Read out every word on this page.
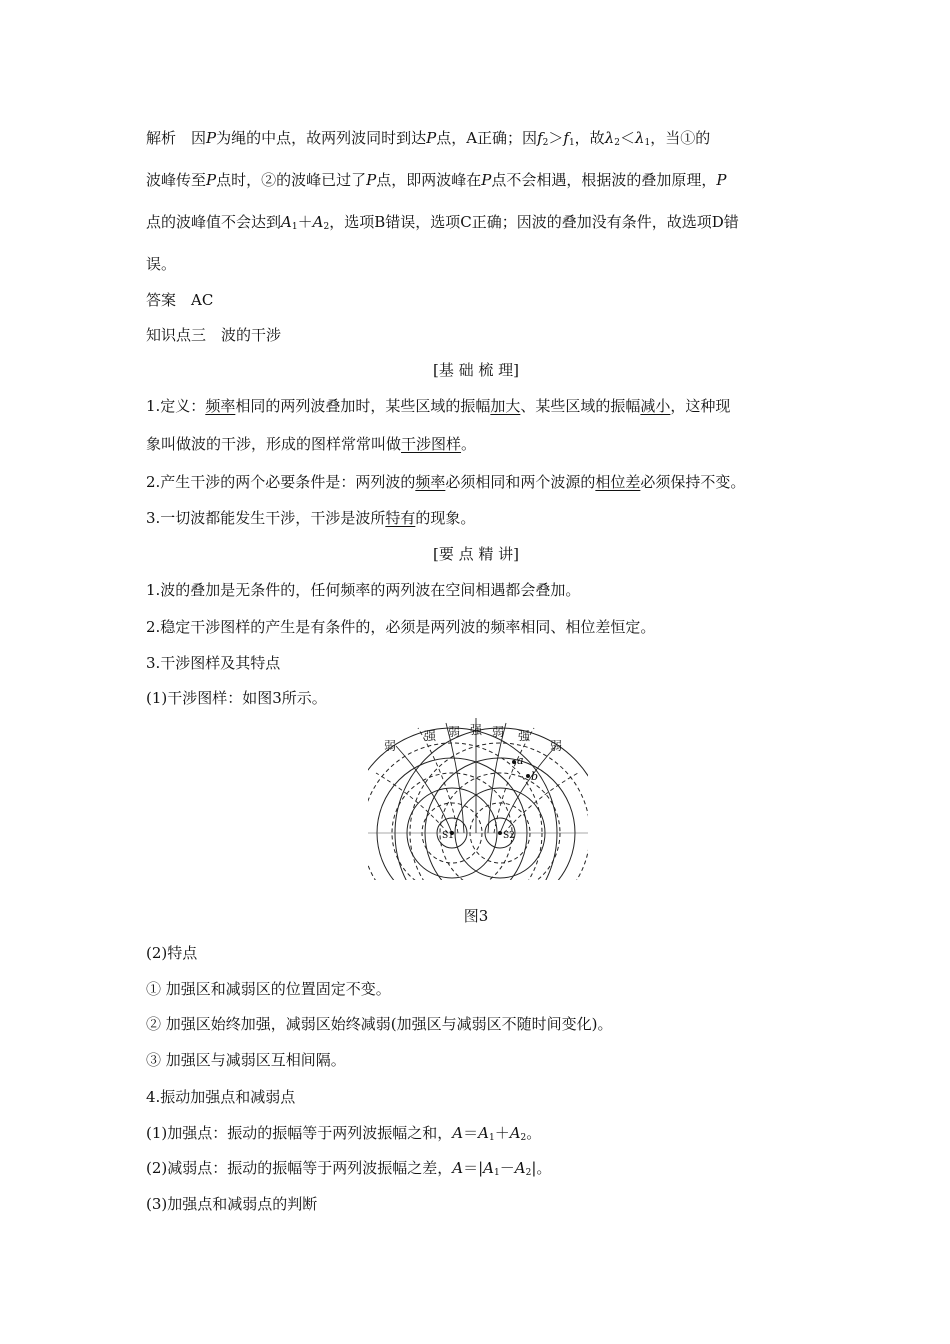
解析　因P为绳的中点，故两列波同时到达P点，A正确；因$f_2>f_1$，故$\lambda_2<\lambda_1$，当①的
波峰传至P点时，②的波峰已过了P点，即两波峰在P点不会相遇，根据波的叠加原理，P
点的波峰值不会达到$A_1+A_2$，选项B错误，选项C正确；因波的叠加没有条件，故选项D错
误。
答案　AC
知识点三　波的干涉
[基 础 梳 理]
1.定义：频率相同的两列波叠加时，某些区域的振幅加大、某些区域的振幅减小，这种现
象叫做波的干涉，形成的图样常常叫做干涉图样。
2.产生干涉的两个必要条件是：两列波的频率必须相同和两个波源的相位差必须保持不变。
3.一切波都能发生干涉，干涉是波所特有的现象。
[要 点 精 讲]
1.波的叠加是无条件的，任何频率的两列波在空间相遇都会叠加。
2.稳定干涉图样的产生是有条件的，必须是两列波的频率相同、相位差恒定。
3.干涉图样及其特点
(1)干涉图样：如图3所示。
弱
强 弱 强 弱 强
弱
a
b
S1	S2
图3
(2)特点
① 加强区和减弱区的位置固定不变。
② 加强区始终加强，减弱区始终减弱(加强区与减弱区不随时间变化)。
③ 加强区与减弱区互相间隔。
4.振动加强点和减弱点
(1)加强点：振动的振幅等于两列波振幅之和，$A=A_1+A_2$。
(2)减弱点：振动的振幅等于两列波振幅之差，$A=|A_1-A_2|$。
(3)加强点和减弱点的判断
